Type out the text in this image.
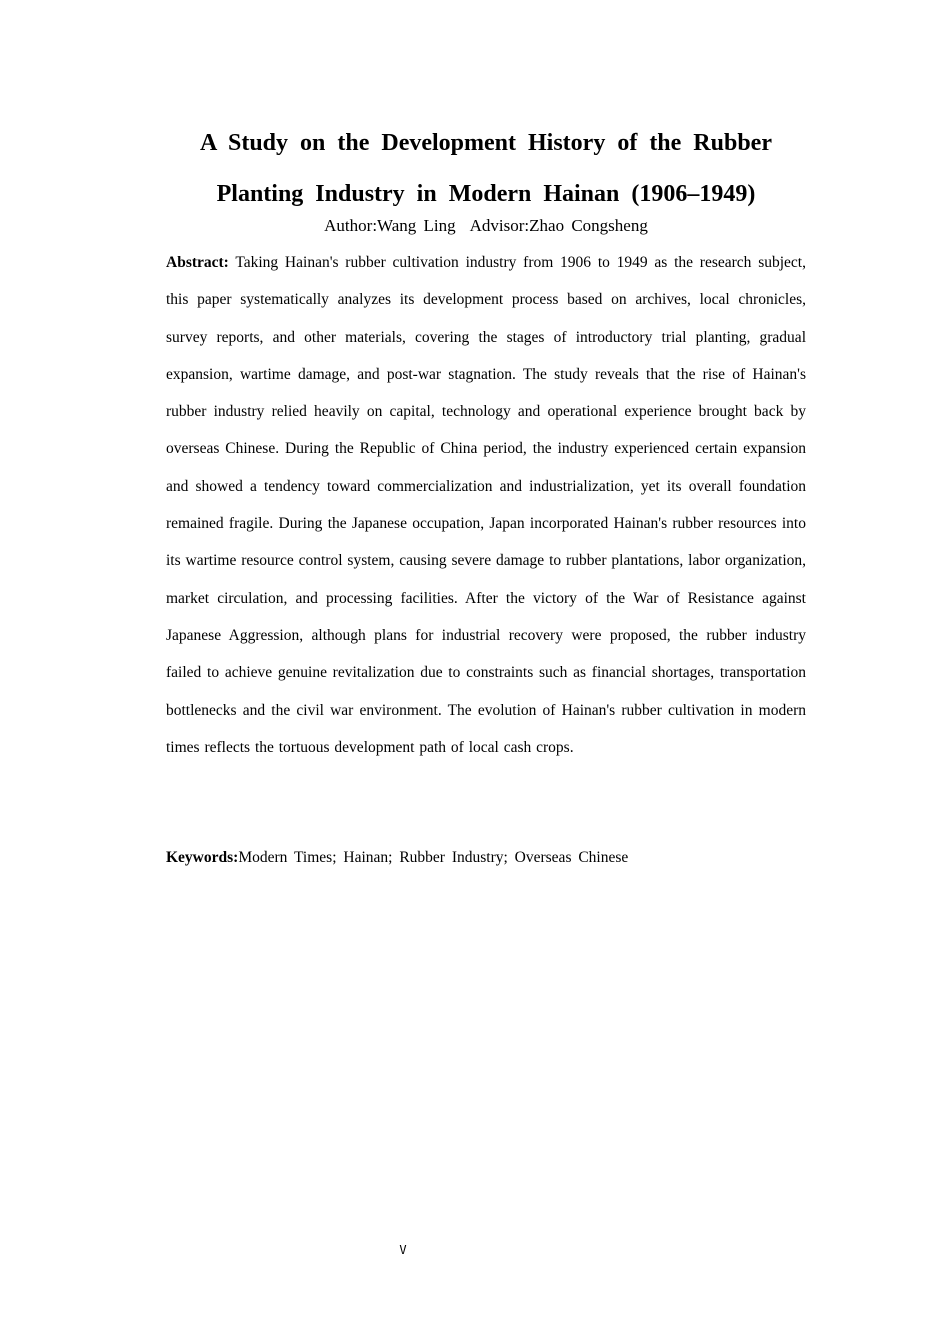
A Study on the Development History of the Rubber
Planting Industry in Modern Hainan (1906–1949)
Author:Wang Ling Advisor:Zhao Congsheng

Abstract: Taking Hainan's rubber cultivation industry from 1906 to 1949 as the research subject, this paper systematically analyzes its development process based on archives, local chronicles, survey reports, and other materials, covering the stages of introductory trial planting, gradual expansion, wartime damage, and post-war stagnation. The study reveals that the rise of Hainan's rubber industry relied heavily on capital, technology and operational experience brought back by overseas Chinese. During the Republic of China period, the industry experienced certain expansion and showed a tendency toward commercialization and industrialization, yet its overall foundation remained fragile. During the Japanese occupation, Japan incorporated Hainan's rubber resources into its wartime resource control system, causing severe damage to rubber plantations, labor organization, market circulation, and processing facilities. After the victory of the War of Resistance against Japanese Aggression, although plans for industrial recovery were proposed, the rubber industry failed to achieve genuine revitalization due to constraints such as financial shortages, transportation bottlenecks and the civil war environment. The evolution of Hainan's rubber cultivation in modern times reflects the tortuous development path of local cash crops.

Keywords:Modern Times; Hainan; Rubber Industry; Overseas Chinese

V
